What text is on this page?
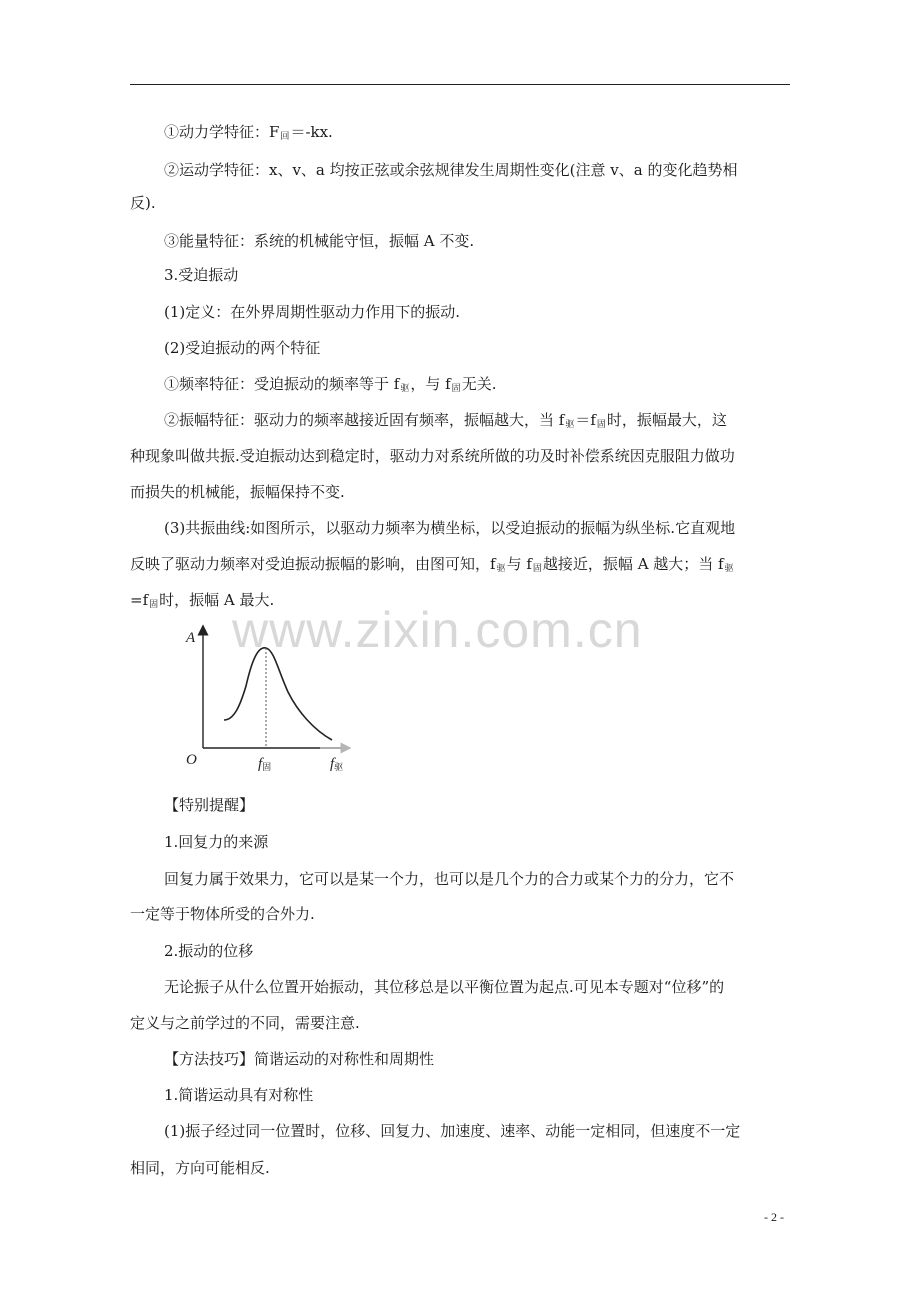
①动力学特征：F回＝-kx.
②运动学特征：x、v、a 均按正弦或余弦规律发生周期性变化(注意 v、a 的变化趋势相
反).
③能量特征：系统的机械能守恒，振幅 A 不变.
3.受迫振动
(1)定义：在外界周期性驱动力作用下的振动.
(2)受迫振动的两个特征
①频率特征：受迫振动的频率等于 f驱，与 f固无关.
②振幅特征：驱动力的频率越接近固有频率，振幅越大，当 f驱＝f固时，振幅最大，这
种现象叫做共振.受迫振动达到稳定时，驱动力对系统所做的功及时补偿系统因克服阻力做功
而损失的机械能，振幅保持不变.
(3)共振曲线:如图所示，以驱动力频率为横坐标，以受迫振动的振幅为纵坐标.它直观地
反映了驱动力频率对受迫振动振幅的影响，由图可知，f驱与 f固越接近，振幅 A 越大；当 f驱
=f固时，振幅 A 最大.
www.zixin.com.cn
A
O	f固	f驱
【特别提醒】
1.回复力的来源
回复力属于效果力，它可以是某一个力，也可以是几个力的合力或某个力的分力，它不
一定等于物体所受的合外力.
2.振动的位移
无论振子从什么位置开始振动，其位移总是以平衡位置为起点.可见本专题对“位移”的
定义与之前学过的不同，需要注意.
【方法技巧】简谐运动的对称性和周期性
1.简谐运动具有对称性
(1)振子经过同一位置时，位移、回复力、加速度、速率、动能一定相同，但速度不一定
相同，方向可能相反.
- 2 -
